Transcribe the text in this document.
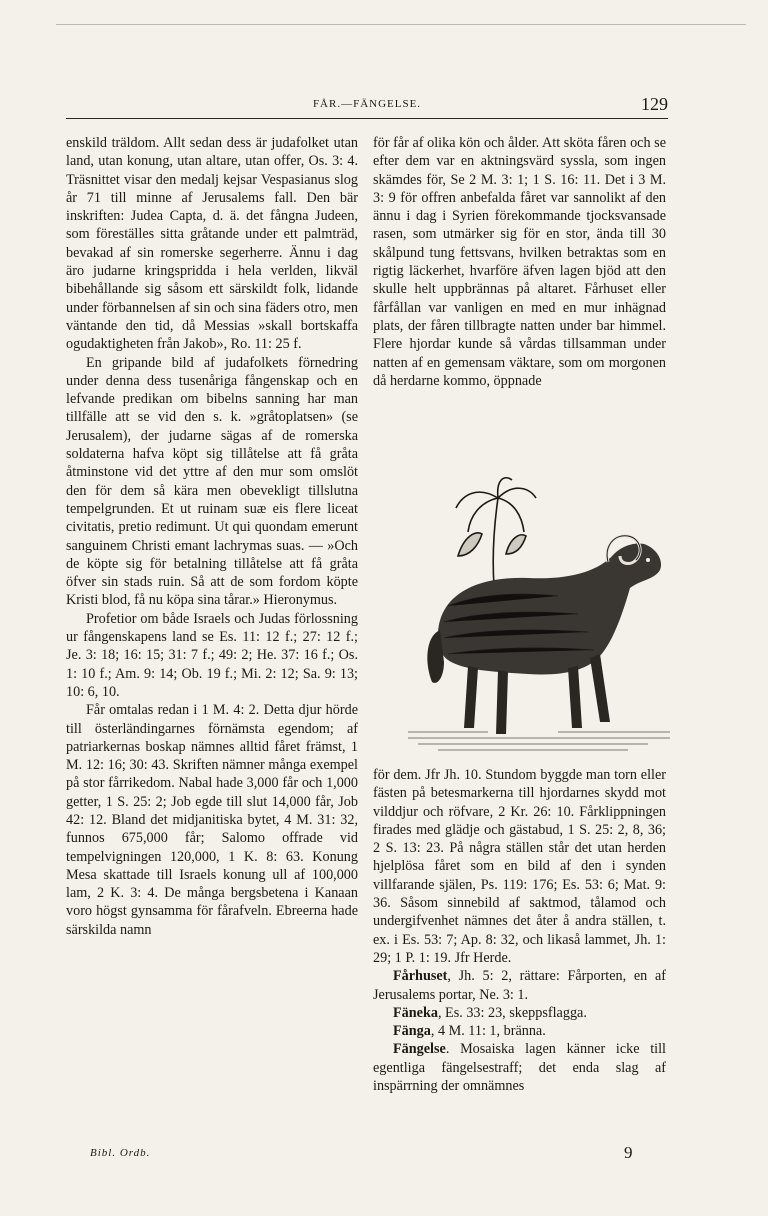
FÅR.—FÄNGELSE.	129

enskild träldom. Allt sedan dess är judafolket utan land, utan konung, utan altare, utan offer, Os. 3: 4. Träsnittet visar den medalj kejsar Vespasianus slog år 71 till minne af Jerusalems fall. Den bär inskriften: Judea Capta, d. ä. det fångna Judeen, som föreställes sitta gråtande under ett palmträd, bevakad af sin romerske segerherre. Ännu i dag äro judarne kringspridda i hela verlden, likväl bibehållande sig såsom ett särskildt folk, lidande under förbannelsen af sin och sina fäders otro, men väntande den tid, då Messias »skall bortskaffa ogudaktigheten från Jakob», Ro. 11: 25 f.

En gripande bild af judafolkets förnedring under denna dess tusenåriga fångenskap och en lefvande predikan om bibelns sanning har man tillfälle att se vid den s. k. »gråtoplatsen» (se Jerusalem), der judarne sägas af de romerska soldaterna hafva köpt sig tillåtelse att få gråta åtminstone vid det yttre af den mur som omslöt den för dem så kära men obevekligt tillslutna tempelgrunden. Et ut ruinam suæ eis flere liceat civitatis, pretio redimunt. Ut qui quondam emerunt sanguinem Christi emant lachrymas suas. — »Och de köpte sig för betalning tillåtelse att få gråta öfver sin stads ruin. Så att de som fordom köpte Kristi blod, få nu köpa sina tårar.» Hieronymus.

Profetior om både Israels och Judas förlossning ur fångenskapens land se Es. 11: 12 f.; 27: 12 f.; Je. 3: 18; 16: 15; 31: 7 f.; 49: 2; He. 37: 16 f.; Os. 1: 10 f.; Am. 9: 14; Ob. 19 f.; Mi. 2: 12; Sa. 9: 13; 10: 6, 10.

Får omtalas redan i 1 M. 4: 2. Detta djur hörde till österländingarnes förnämsta egendom; af patriarkernas boskap nämnes alltid fåret främst, 1 M. 12: 16; 30: 43. Skriften nämner många exempel på stor fårrikedom. Nabal hade 3,000 får och 1,000 getter, 1 S. 25: 2; Job egde till slut 14,000 får, Job 42: 12. Bland det midjanitiska bytet, 4 M. 31: 32, funnos 675,000 får; Salomo offrade vid tempelvigningen 120,000, 1 K. 8: 63. Konung Mesa skattade till Israels konung ull af 100,000 lam, 2 K. 3: 4. De många bergsbetena i Kanaan voro högst gynsamma för fårafveln. Ebreerna hade särskilda namn

för får af olika kön och ålder. Att sköta fåren och se efter dem var en aktningsvärd syssla, som ingen skämdes för, Se 2 M. 3: 1; 1 S. 16: 11. Det i 3 M. 3: 9 för offren anbefalda fåret var sannolikt af den ännu i dag i Syrien förekommande tjocksvansade rasen, som utmärker sig för en stor, ända till 30 skålpund tung fettsvans, hvilken betraktas som en rigtig läckerhet, hvarföre äfven lagen bjöd att den skulle helt uppbrännas på altaret. Fårhuset eller fårfållan var vanligen en med en mur inhägnad plats, der fåren tillbragte natten under bar himmel. Flere hjordar kunde så vårdas tillsamman under natten af en gemensam väktare, som om morgonen då herdarne kommo, öppnade

för dem. Jfr Jh. 10. Stundom byggde man torn eller fästen på betesmarkerna till hjordarnes skydd mot vilddjur och röfvare, 2 Kr. 26: 10. Fårklippningen firades med glädje och gästabud, 1 S. 25: 2, 8, 36; 2 S. 13: 23. På några ställen står det utan herden hjelplösa fåret som en bild af den i synden villfarande själen, Ps. 119: 176; Es. 53: 6; Mat. 9: 36. Såsom sinnebild af saktmod, tålamod och undergifvenhet nämnes det åter å andra ställen, t. ex. i Es. 53: 7; Ap. 8: 32, och likaså lammet, Jh. 1: 29; 1 P. 1: 19. Jfr Herde.

Fårhuset, Jh. 5: 2, rättare: Fårporten, en af Jerusalems portar, Ne. 3: 1.

Fäneka, Es. 33: 23, skeppsflagga.

Fänga, 4 M. 11: 1, bränna.

Fängelse. Mosaiska lagen känner icke till egentliga fängelsestraff; det enda slag af inspärrning der omnämnes

Bibl. Ordb.	9
